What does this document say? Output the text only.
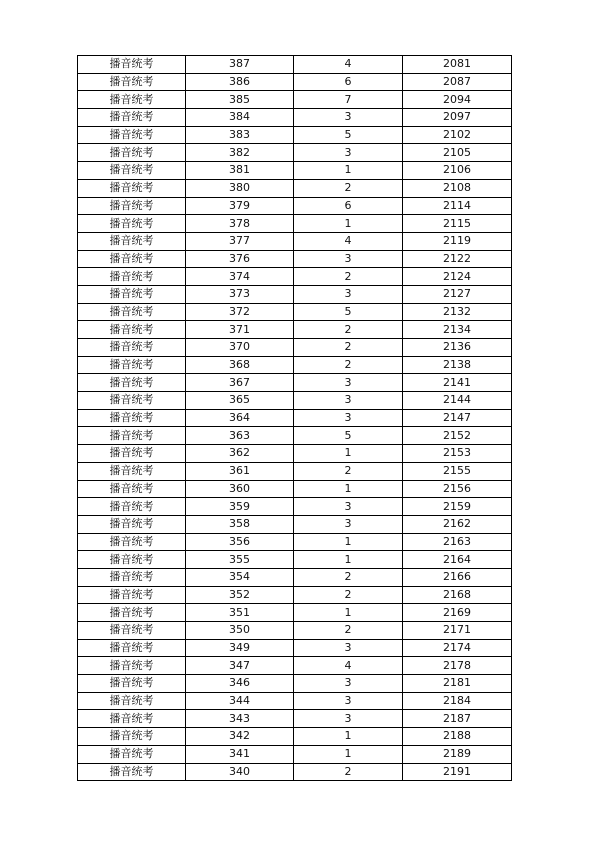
播音统考	387	4	2081
播音统考	386	6	2087
播音统考	385	7	2094
播音统考	384	3	2097
播音统考	383	5	2102
播音统考	382	3	2105
播音统考	381	1	2106
播音统考	380	2	2108
播音统考	379	6	2114
播音统考	378	1	2115
播音统考	377	4	2119
播音统考	376	3	2122
播音统考	374	2	2124
播音统考	373	3	2127
播音统考	372	5	2132
播音统考	371	2	2134
播音统考	370	2	2136
播音统考	368	2	2138
播音统考	367	3	2141
播音统考	365	3	2144
播音统考	364	3	2147
播音统考	363	5	2152
播音统考	362	1	2153
播音统考	361	2	2155
播音统考	360	1	2156
播音统考	359	3	2159
播音统考	358	3	2162
播音统考	356	1	2163
播音统考	355	1	2164
播音统考	354	2	2166
播音统考	352	2	2168
播音统考	351	1	2169
播音统考	350	2	2171
播音统考	349	3	2174
播音统考	347	4	2178
播音统考	346	3	2181
播音统考	344	3	2184
播音统考	343	3	2187
播音统考	342	1	2188
播音统考	341	1	2189
播音统考	340	2	2191
